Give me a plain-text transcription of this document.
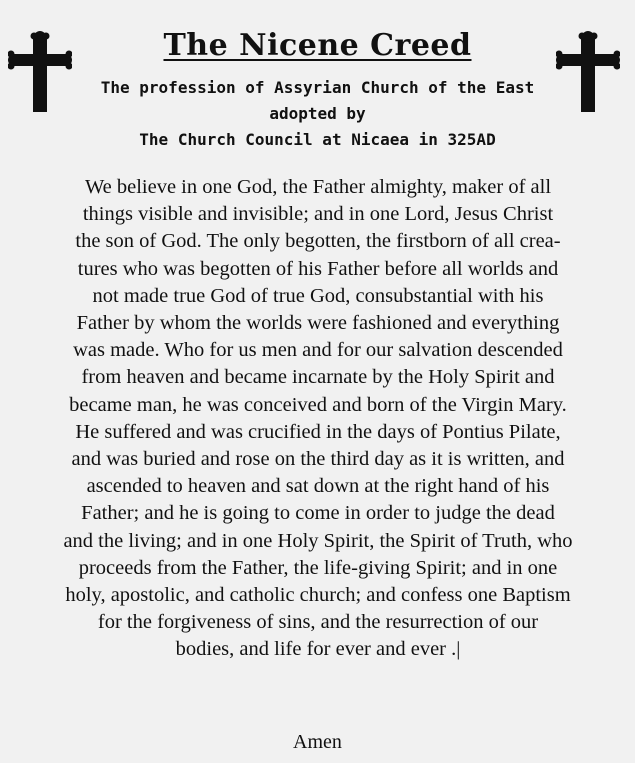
The Nicene Creed
The profession of Assyrian Church of the East
adopted by
The Church Council at Nicaea in 325AD
We believe in one God, the Father almighty, maker of all
things visible and invisible; and in one Lord, Jesus Christ
the son of God. The only begotten, the firstborn of all crea-
tures who was begotten of his Father before all worlds and
not made true God of true God, consubstantial with his
Father by whom the worlds were fashioned and everything
was made. Who for us men and for our salvation descended
from heaven and became incarnate by the Holy Spirit and
became man, he was conceived and born of the Virgin Mary.
He suffered and was crucified in the days of Pontius Pilate,
and was buried and rose on the third day as it is written, and
ascended to heaven and sat down at the right hand of his
Father; and he is going to come in order to judge the dead
and the living; and in one Holy Spirit, the Spirit of Truth, who
proceeds from the Father, the life-giving Spirit; and in one
holy, apostolic, and catholic church; and confess one Baptism
for the forgiveness of sins, and the resurrection of our
bodies, and life for ever and ever .|
Amen
